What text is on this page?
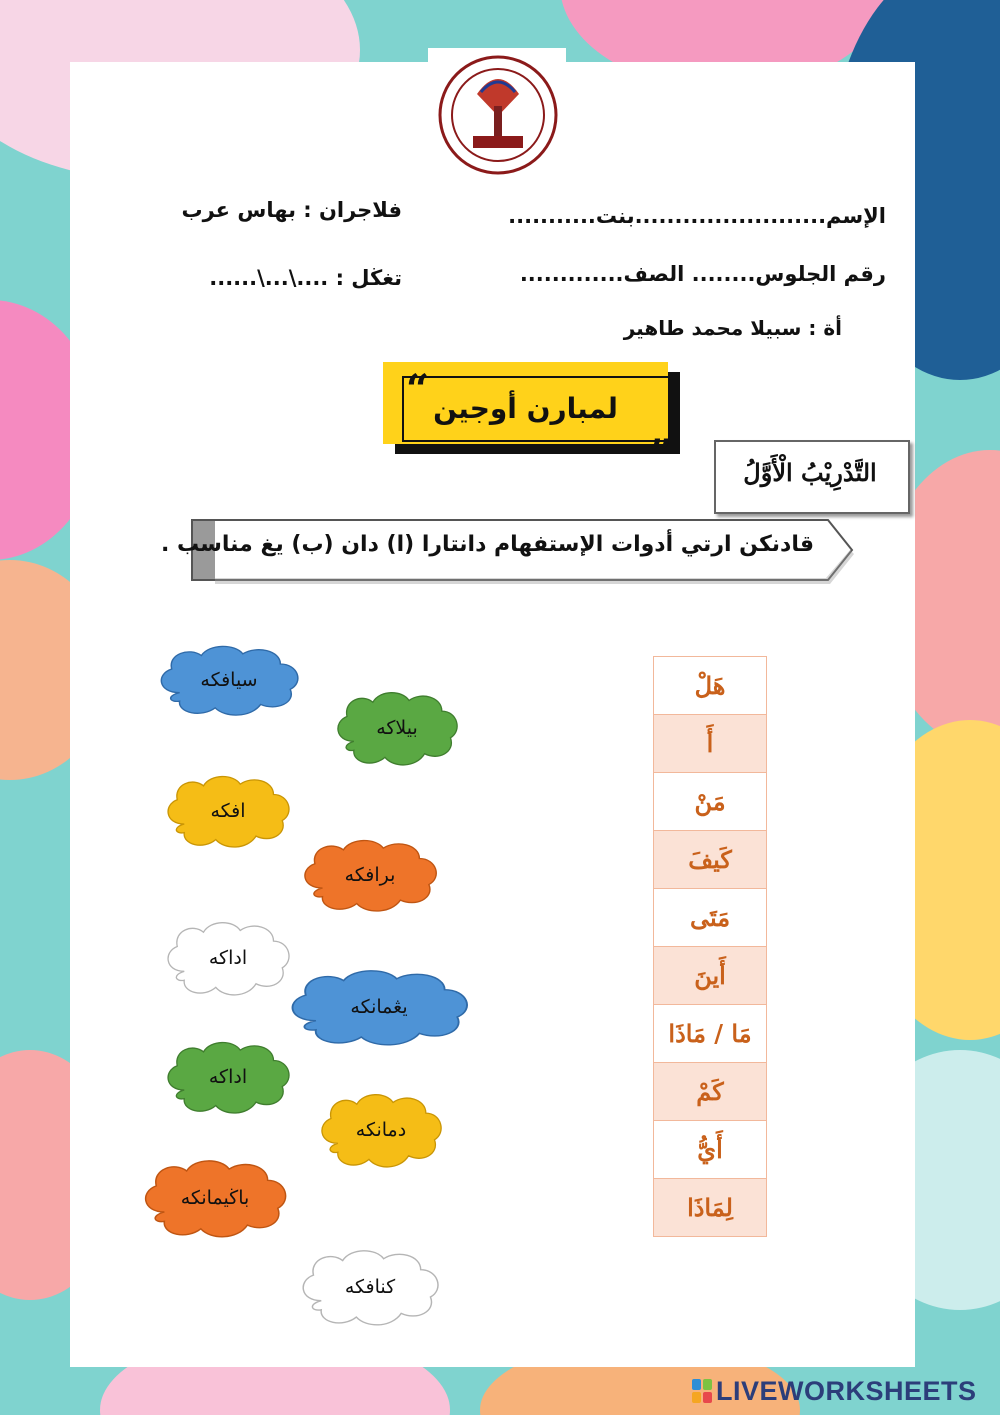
فلاجران : بهاس عرب	الإسم........................بنت...........
تغڬل : ....\...\......	رقم الجلوس........ الصف.............
أة : سبيلا محمد طاهير
“
„
لمبارن أوجين
التَّدْرِيْبُ الْأَوَّلُ
قادنكن ارتي أدوات الإستفهام دانتارا (ا) دان (ب) يغ مناسب .
سيافكه
بيلاكه
افكه
برافكه
اداكه
يڠمانكه
اداكه
دمانكه
باڬيمانكه
كنافكه
هَلْ
أَ
مَنْ
كَيفَ
مَتَى
أَينَ
مَا / مَاذَا
كَمْ
أَيُّ
لِمَاذَا
LIVEWORKSHEETS
